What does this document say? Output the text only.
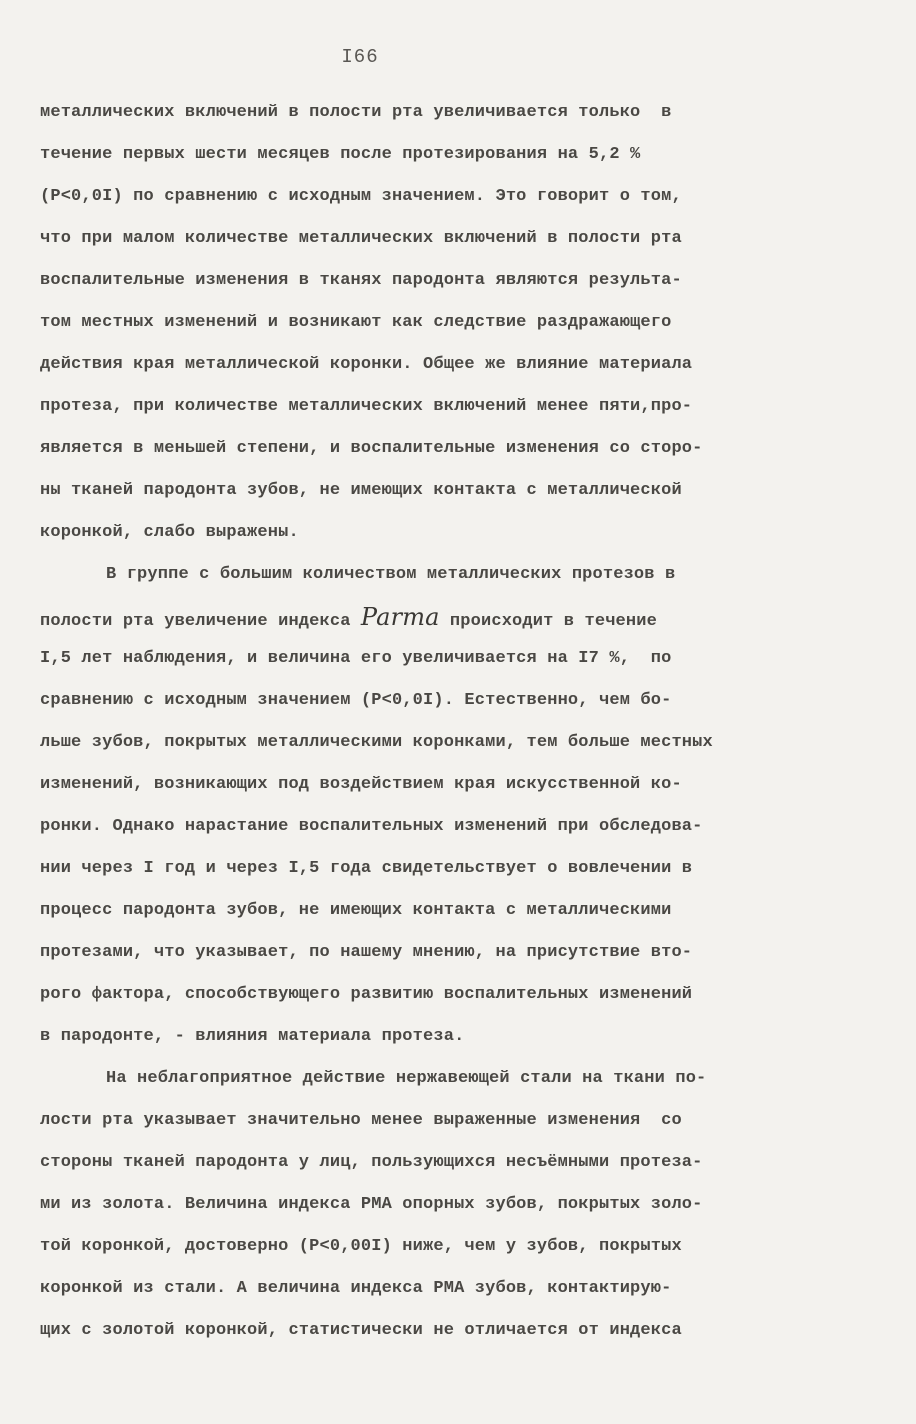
I66
металлических включений в полости рта увеличивается только  в
течение первых шести месяцев после протезирования на 5,2 %
(P<0,0I) по сравнению с исходным значением. Это говорит о том,
что при малом количестве металлических включений в полости рта
воспалительные изменения в тканях пародонта являются результа-
том местных изменений и возникают как следствие раздражающего
действия края металлической коронки. Общее же влияние материала
протеза, при количестве металлических включений менее пяти,про-
является в меньшей степени, и воспалительные изменения со сторо-
ны тканей пародонта зубов, не имеющих контакта с металлической
коронкой, слабо выражены.
В группе с большим количеством металлических протезов в
полости рта увеличение индекса Parma происходит в течение
I,5 лет наблюдения, и величина его увеличивается на I7 %,  по
сравнению с исходным значением (P<0,0I). Естественно, чем бо-
льше зубов, покрытых металлическими коронками, тем больше местных
изменений, возникающих под воздействием края искусственной ко-
ронки. Однако нарастание воспалительных изменений при обследова-
нии через I год и через I,5 года свидетельствует о вовлечении в
процесс пародонта зубов, не имеющих контакта с металлическими
протезами, что указывает, по нашему мнению, на присутствие вто-
рого фактора, способствующего развитию воспалительных изменений
в пародонте, - влияния материала протеза.
На неблагоприятное действие нержавеющей стали на ткани по-
лости рта указывает значительно менее выраженные изменения  со
стороны тканей пародонта у лиц, пользующихся несъёмными протеза-
ми из золота. Величина индекса РМА опорных зубов, покрытых золо-
той коронкой, достоверно (P<0,00I) ниже, чем у зубов, покрытых
коронкой из стали. А величина индекса РМА зубов, контактирую-
щих с золотой коронкой, статистически не отличается от индекса
